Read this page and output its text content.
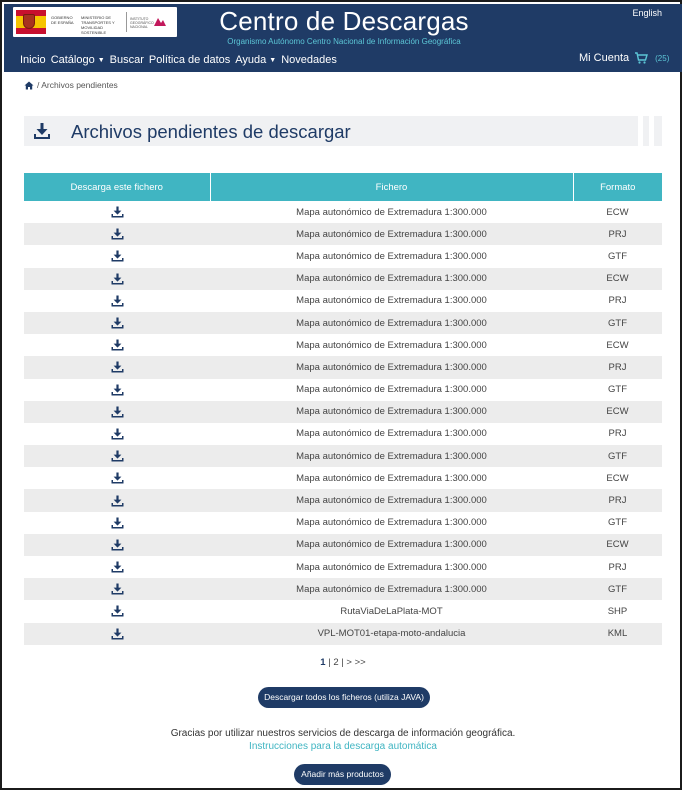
GOBIERNO DE ESPAÑA
MINISTERIO DE TRANSPORTES Y MOVILIDAD SOSTENIBLE
INSTITUTO GEOGRÁFICO NACIONAL	Centro de Descargas
Organismo Autónomo Centro Nacional de Información Geográfica
English
Inicio Catálogo ▼ Buscar Política de datos Ayuda ▼ Novedades	Mi Cuenta	(25)
/ Archivos pendientes
Archivos pendientes de descargar
Descarga este fichero	Fichero	Formato
	Mapa autonómico de Extremadura 1:300.000	ECW
	Mapa autonómico de Extremadura 1:300.000	PRJ
	Mapa autonómico de Extremadura 1:300.000	GTF
	Mapa autonómico de Extremadura 1:300.000	ECW
	Mapa autonómico de Extremadura 1:300.000	PRJ
	Mapa autonómico de Extremadura 1:300.000	GTF
	Mapa autonómico de Extremadura 1:300.000	ECW
	Mapa autonómico de Extremadura 1:300.000	PRJ
	Mapa autonómico de Extremadura 1:300.000	GTF
	Mapa autonómico de Extremadura 1:300.000	ECW
	Mapa autonómico de Extremadura 1:300.000	PRJ
	Mapa autonómico de Extremadura 1:300.000	GTF
	Mapa autonómico de Extremadura 1:300.000	ECW
	Mapa autonómico de Extremadura 1:300.000	PRJ
	Mapa autonómico de Extremadura 1:300.000	GTF
	Mapa autonómico de Extremadura 1:300.000	ECW
	Mapa autonómico de Extremadura 1:300.000	PRJ
	Mapa autonómico de Extremadura 1:300.000	GTF
	RutaViaDeLaPlata-MOT	SHP
	VPL-MOT01-etapa-moto-andalucia	KML
1 | 2 | > >>
Descargar todos los ficheros (utiliza JAVA)
Gracias por utilizar nuestros servicios de descarga de información geográfica.
Instrucciones para la descarga automática
Añadir más productos
